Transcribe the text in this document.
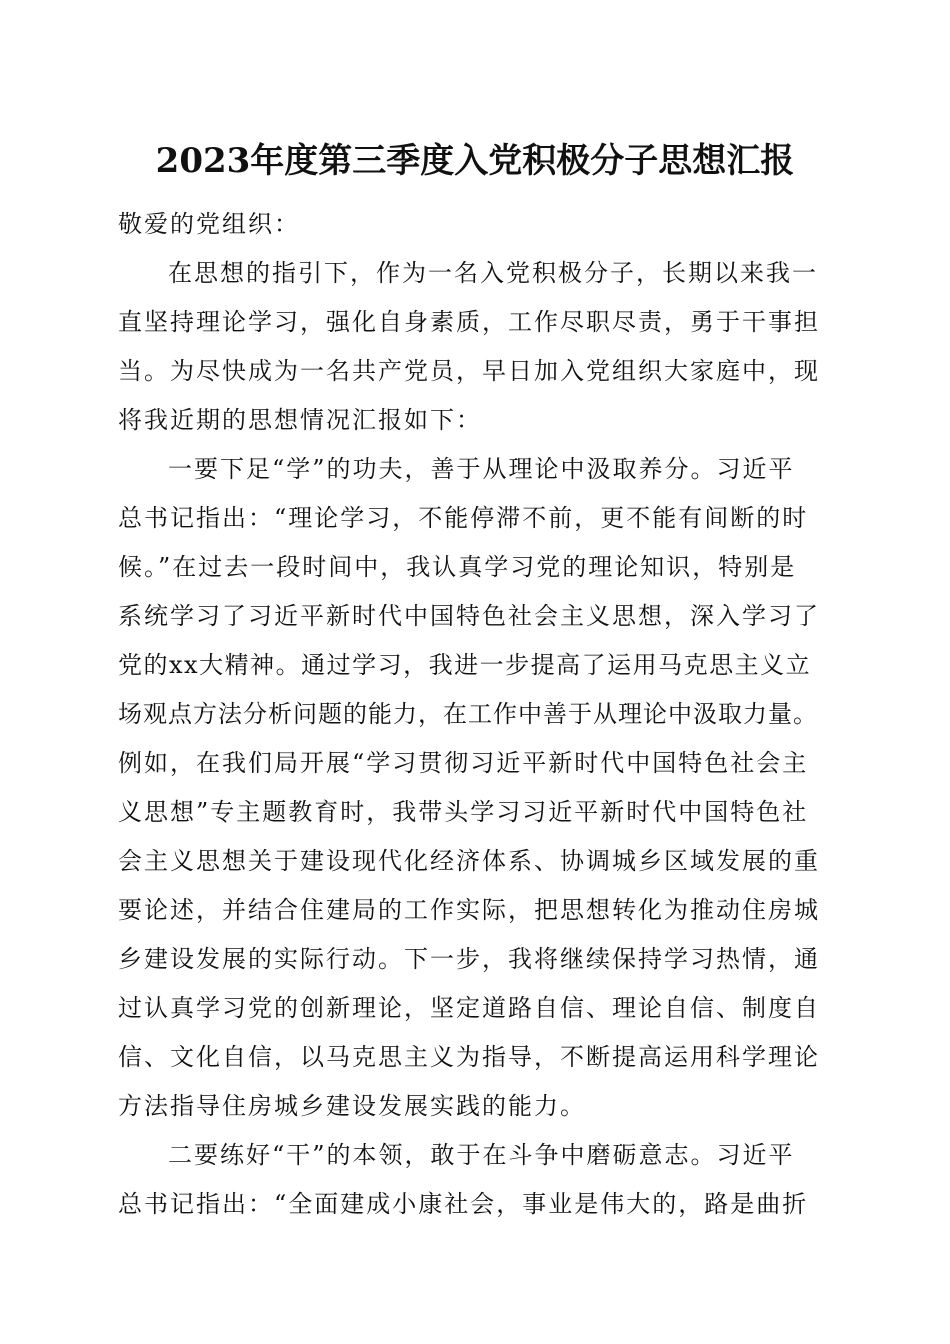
2023年度第三季度入党积极分子思想汇报
敬爱的党组织：
在思想的指引下，作为一名入党积极分子，长期以来我一
直坚持理论学习，强化自身素质，工作尽职尽责，勇于干事担
当。为尽快成为一名共产党员，早日加入党组织大家庭中，现
将我近期的思想情况汇报如下：
一要下足“学”的功夫，善于从理论中汲取养分。习近平
总书记指出：“理论学习，不能停滞不前，更不能有间断的时
候。”在过去一段时间中，我认真学习党的理论知识，特别是
系统学习了习近平新时代中国特色社会主义思想，深入学习了
党的xx大精神。通过学习，我进一步提高了运用马克思主义立
场观点方法分析问题的能力，在工作中善于从理论中汲取力量。
例如，在我们局开展“学习贯彻习近平新时代中国特色社会主
义思想”专主题教育时，我带头学习习近平新时代中国特色社
会主义思想关于建设现代化经济体系、协调城乡区域发展的重
要论述，并结合住建局的工作实际，把思想转化为推动住房城
乡建设发展的实际行动。下一步，我将继续保持学习热情，通
过认真学习党的创新理论，坚定道路自信、理论自信、制度自
信、文化自信，以马克思主义为指导，不断提高运用科学理论
方法指导住房城乡建设发展实践的能力。
二要练好“干”的本领，敢于在斗争中磨砺意志。习近平
总书记指出：“全面建成小康社会，事业是伟大的，路是曲折
